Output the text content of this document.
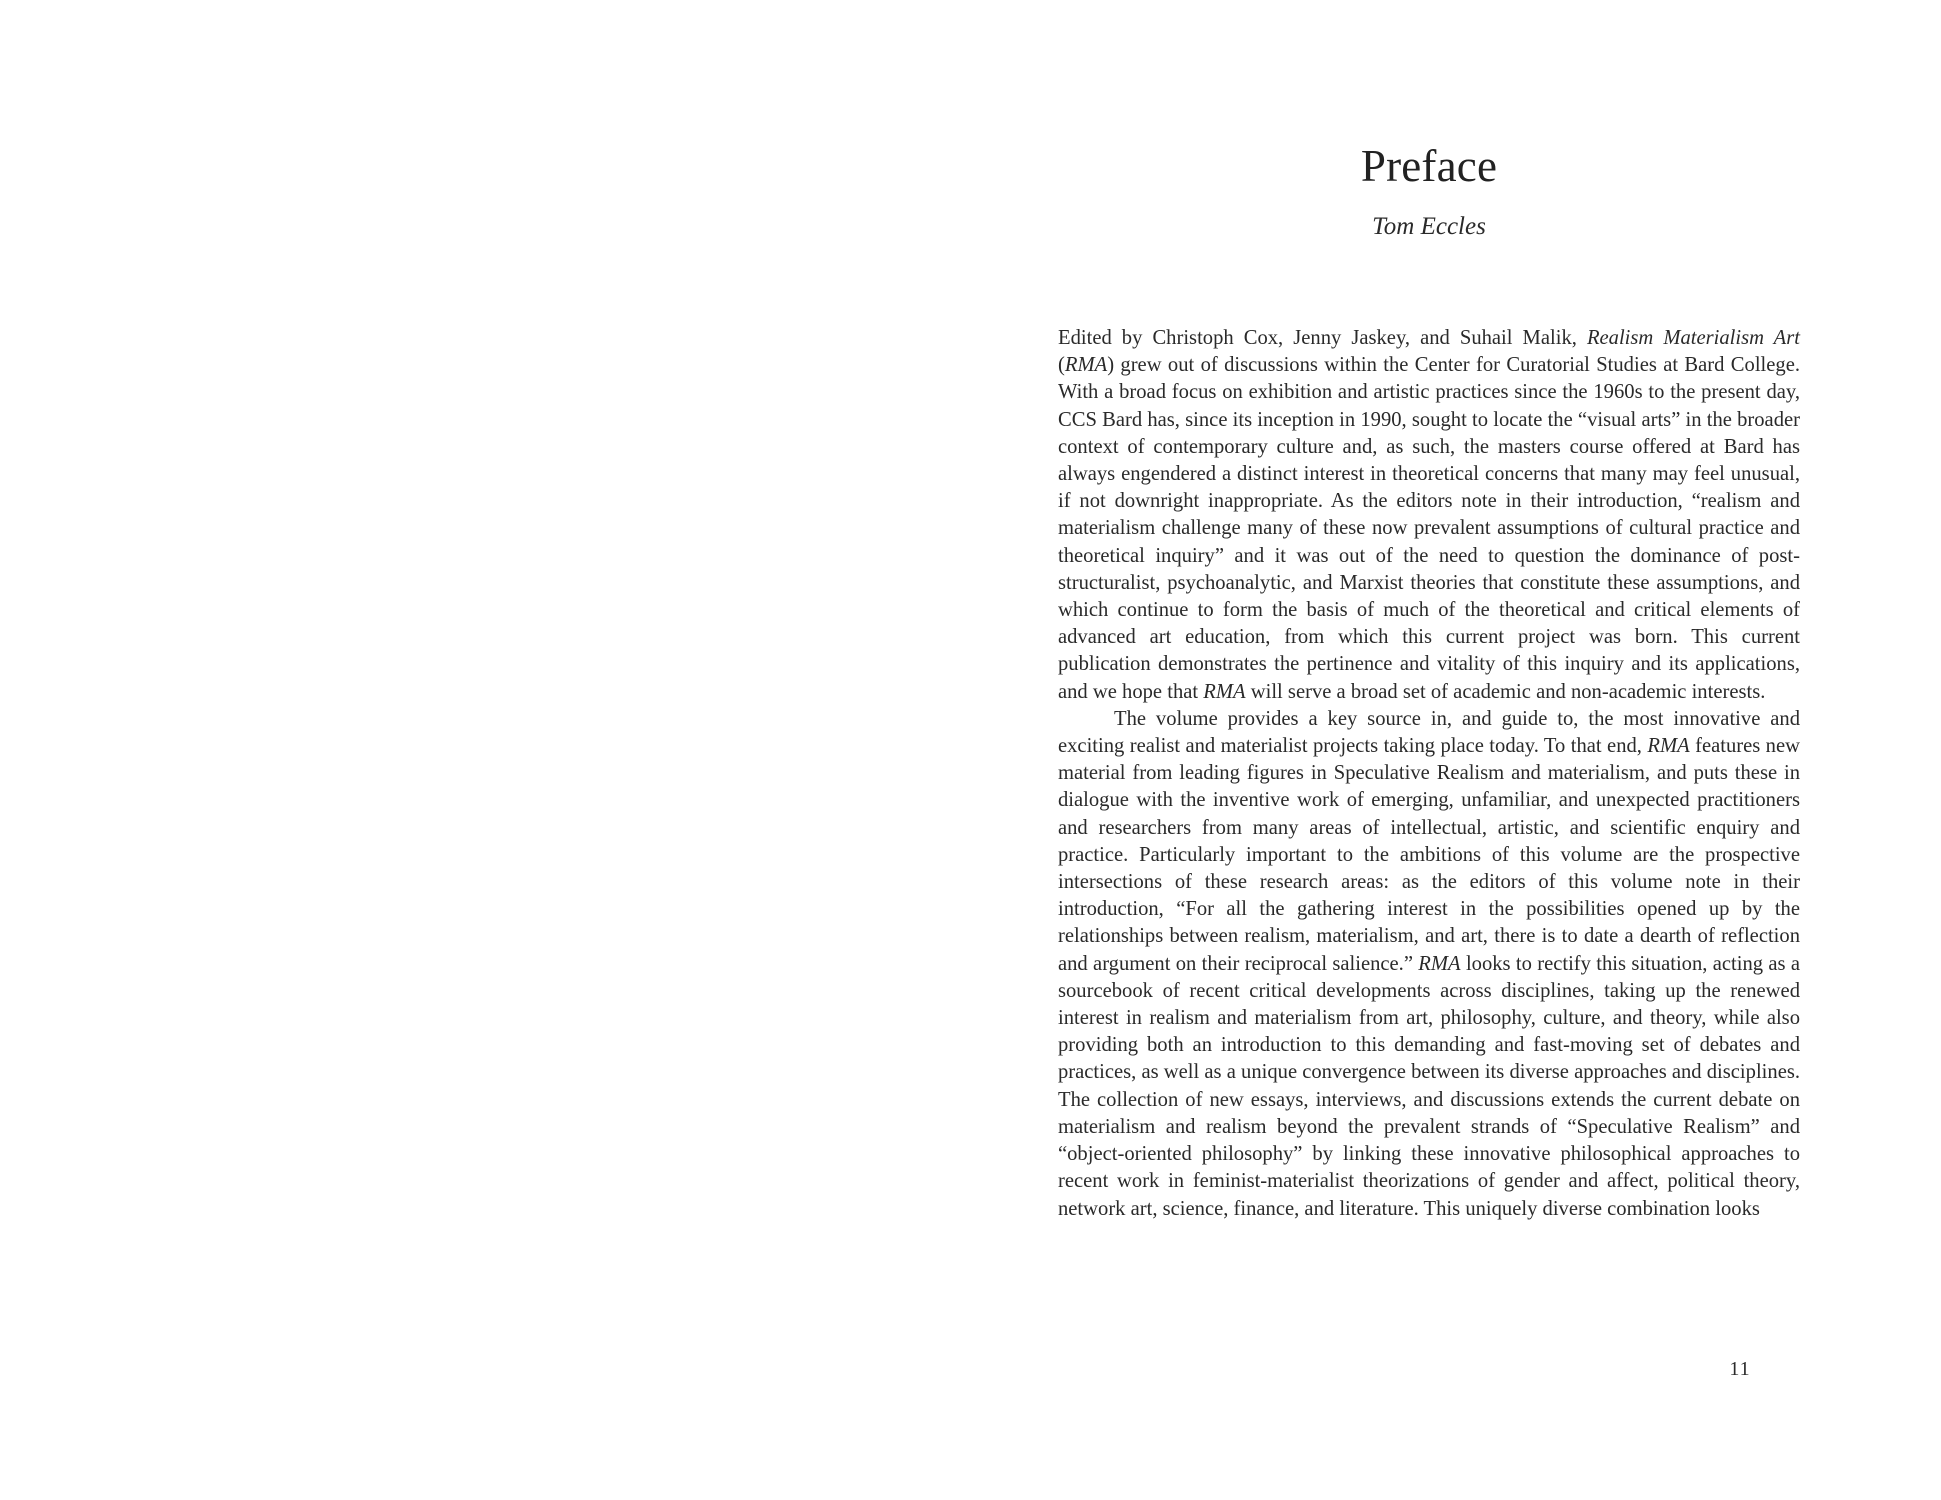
Preface
Tom Eccles

Edited by Christoph Cox, Jenny Jaskey, and Suhail Malik, Realism Materialism Art (RMA) grew out of discussions within the Center for Curatorial Studies at Bard College. With a broad focus on exhibition and artistic practices since the 1960s to the present day, CCS Bard has, since its inception in 1990, sought to locate the “visual arts” in the broader context of contemporary culture and, as such, the masters course offered at Bard has always engendered a distinct interest in theoretical concerns that many may feel unusual, if not downright inappropriate. As the editors note in their introduction, “realism and materialism challenge many of these now prevalent assumptions of cultural practice and theoretical inquiry” and it was out of the need to question the dominance of post-structuralist, psychoanalytic, and Marxist theories that constitute these assumptions, and which continue to form the basis of much of the theoretical and critical elements of advanced art education, from which this current project was born. This current publication demonstrates the pertinence and vitality of this inquiry and its applications, and we hope that RMA will serve a broad set of academic and non-academic interests.

The volume provides a key source in, and guide to, the most innovative and exciting realist and materialist projects taking place today. To that end, RMA features new material from leading figures in Speculative Realism and materialism, and puts these in dialogue with the inventive work of emerging, unfamiliar, and unexpected practitioners and researchers from many areas of intellectual, artistic, and scientific enquiry and practice. Particularly important to the ambitions of this volume are the prospective intersections of these research areas: as the editors of this volume note in their introduction, “For all the gathering interest in the possibilities opened up by the relationships between realism, materialism, and art, there is to date a dearth of reflection and argument on their reciprocal salience.” RMA looks to rectify this situation, acting as a sourcebook of recent critical developments across disciplines, taking up the renewed interest in realism and materialism from art, philosophy, culture, and theory, while also providing both an introduction to this demanding and fast-moving set of debates and practices, as well as a unique convergence between its diverse approaches and disciplines. The collection of new essays, interviews, and discussions extends the current debate on materialism and realism beyond the prevalent strands of “Speculative Realism” and “object-oriented philosophy” by linking these innovative philosophical approaches to recent work in feminist-materialist theorizations of gender and affect, political theory, network art, science, finance, and literature. This uniquely diverse combination looks

11
